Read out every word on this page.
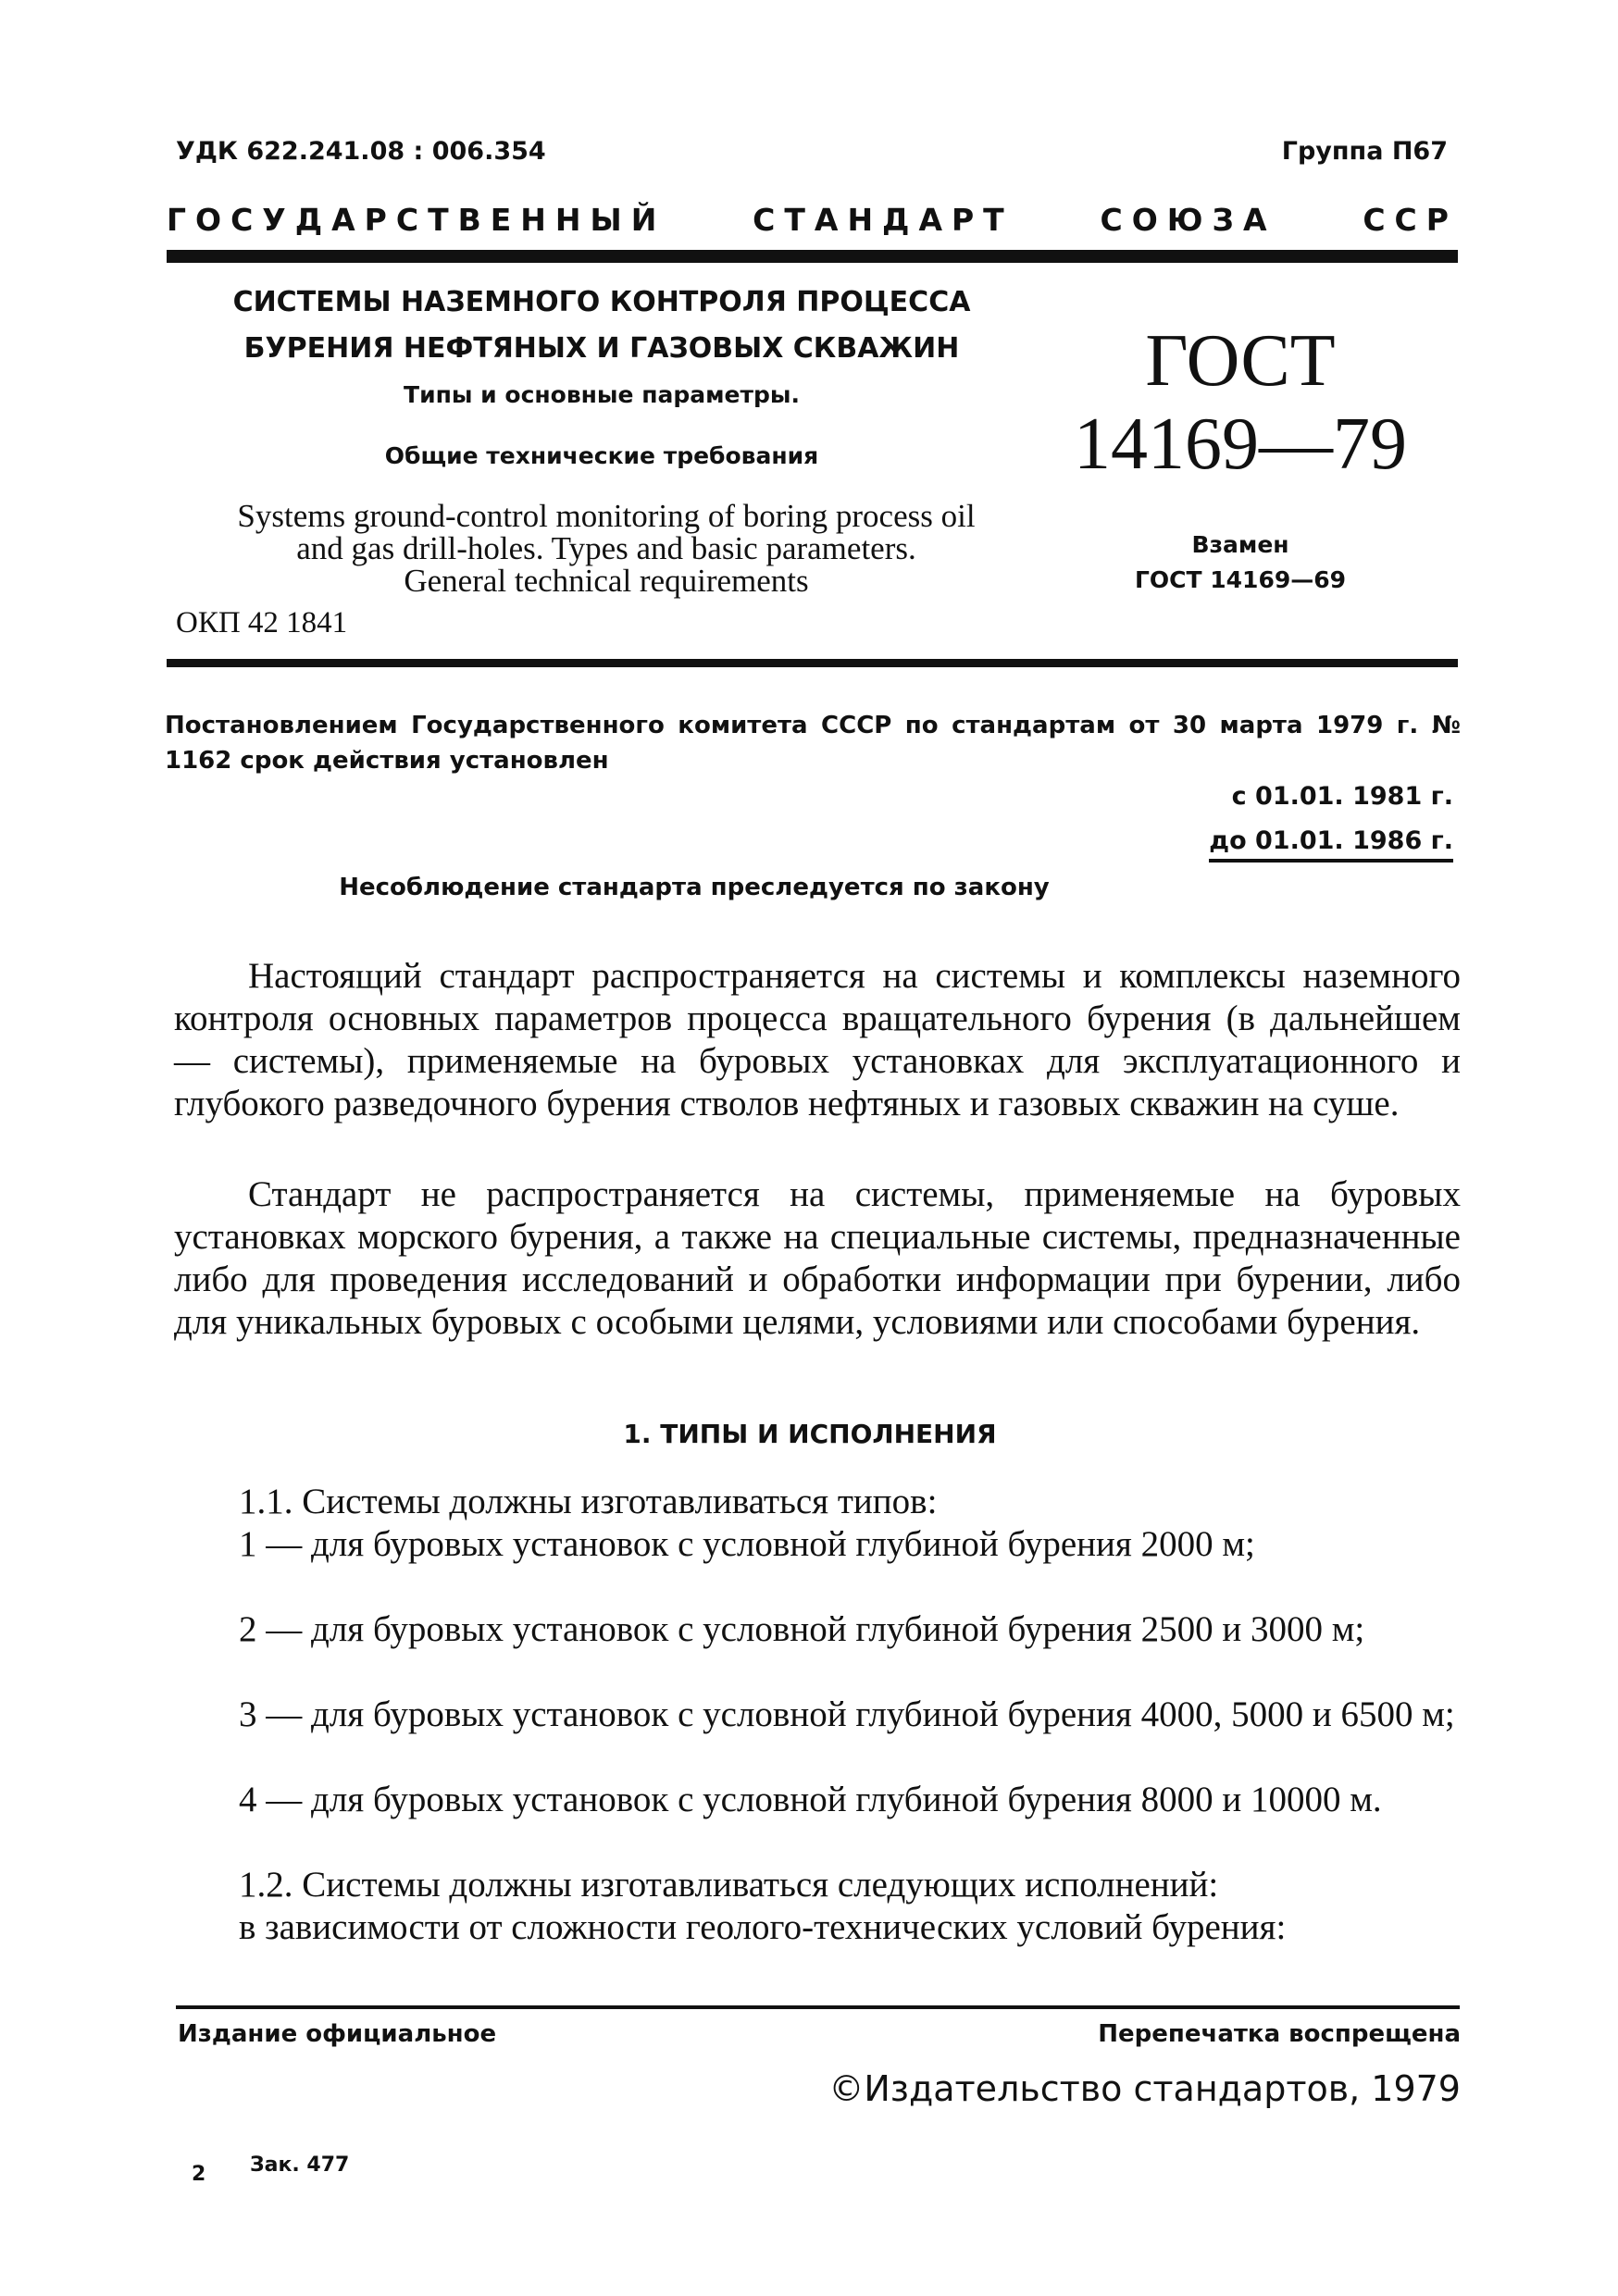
УДК 622.241.08 : 006.354	Группа П67
ГОСУДАРСТВЕННЫЙ	СТАНДАРТ	СОЮЗА	ССР
СИСТЕМЫ НАЗЕМНОГО КОНТРОЛЯ ПРОЦЕССА
БУРЕНИЯ НЕФТЯНЫХ И ГАЗОВЫХ СКВАЖИН
Типы и основные параметры.
Общие технические требования
Systems ground-control monitoring of boring process oil
and gas drill-holes. Types and basic parameters.
General technical requirements
ОКП 42 1841
ГОСТ
14169—79
Взамен
ГОСТ 14169—69
Постановлением Государственного комитета СССР по стандартам от 30 марта 1979 г. № 1162 срок действия установлен
с 01.01. 1981 г.
до 01.01. 1986 г.
Несоблюдение стандарта преследуется по закону

Настоящий стандарт распространяется на системы и комплексы наземного контроля основных параметров процесса вращательного бурения (в дальнейшем — системы), применяемые на буровых установках для эксплуатационного и глубокого разведочного бурения стволов нефтяных и газовых скважин на суше.

Стандарт не распространяется на системы, применяемые на буровых установках морского бурения, а также на специальные системы, предназначенные либо для проведения исследований и обработки информации при бурении, либо для уникальных буровых с особыми целями, условиями или способами бурения.

1. ТИПЫ И ИСПОЛНЕНИЯ

1.1. Системы должны изготавливаться типов:

1 — для буровых установок с условной глубиной бурения 2000 м;

2 — для буровых установок с условной глубиной бурения 2500 и 3000 м;

3 — для буровых установок с условной глубиной бурения 4000, 5000 и 6500 м;

4 — для буровых установок с условной глубиной бурения 8000 и 10000 м.

1.2. Системы должны изготавливаться следующих исполнений:

в зависимости от сложности геолого-технических условий бурения:

Издание официальное	Перепечатка воспрещена
©Издательство стандартов, 1979
2 Зак. 477
